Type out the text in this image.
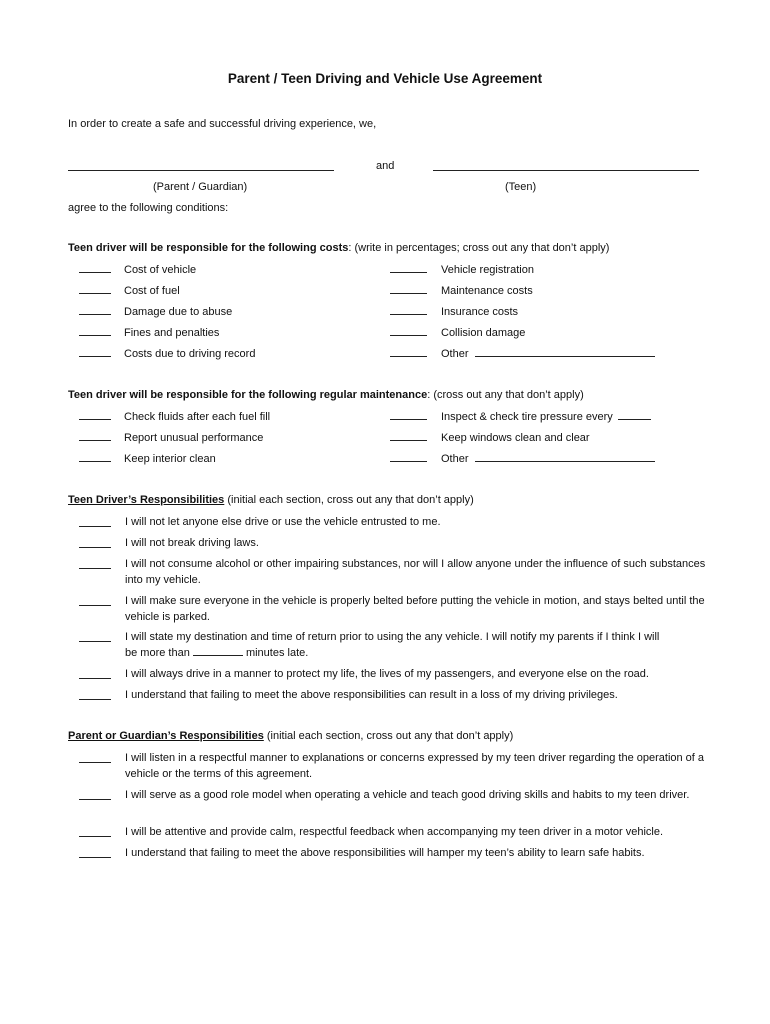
Parent / Teen Driving and Vehicle Use Agreement
In order to create a safe and successful driving experience, we,
and
(Parent / Guardian)	(Teen)
agree to the following conditions:
Teen driver will be responsible for the following costs: (write in percentages; cross out any that don’t apply)
Cost of vehicle	Vehicle registration
Cost of fuel	Maintenance costs
Damage due to abuse	Insurance costs
Fines and penalties	Collision damage
Costs due to driving record	Other
Teen driver will be responsible for the following regular maintenance: (cross out any that don’t apply)
Check fluids after each fuel fill	Inspect & check tire pressure every
Report unusual performance	Keep windows clean and clear
Keep interior clean	Other
Teen Driver’s Responsibilities (initial each section, cross out any that don’t apply)
I will not let anyone else drive or use the vehicle entrusted to me.
I will not break driving laws.
I will not consume alcohol or other impairing substances, nor will I allow anyone under the influence of such substances into my vehicle.
I will make sure everyone in the vehicle is properly belted before putting the vehicle in motion, and stays belted until the vehicle is parked.
I will state my destination and time of return prior to using the any vehicle. I will notify my parents if I think I will
be more than	minutes late.
I will always drive in a manner to protect my life, the lives of my passengers, and everyone else on the road.
I understand that failing to meet the above responsibilities can result in a loss of my driving privileges.
Parent or Guardian’s Responsibilities (initial each section, cross out any that don’t apply)
I will listen in a respectful manner to explanations or concerns expressed by my teen driver regarding the operation of a vehicle or the terms of this agreement.
I will serve as a good role model when operating a vehicle and teach good driving skills and habits to my teen driver.
I will be attentive and provide calm, respectful feedback when accompanying my teen driver in a motor vehicle.
I understand that failing to meet the above responsibilities will hamper my teen’s ability to learn safe habits.
